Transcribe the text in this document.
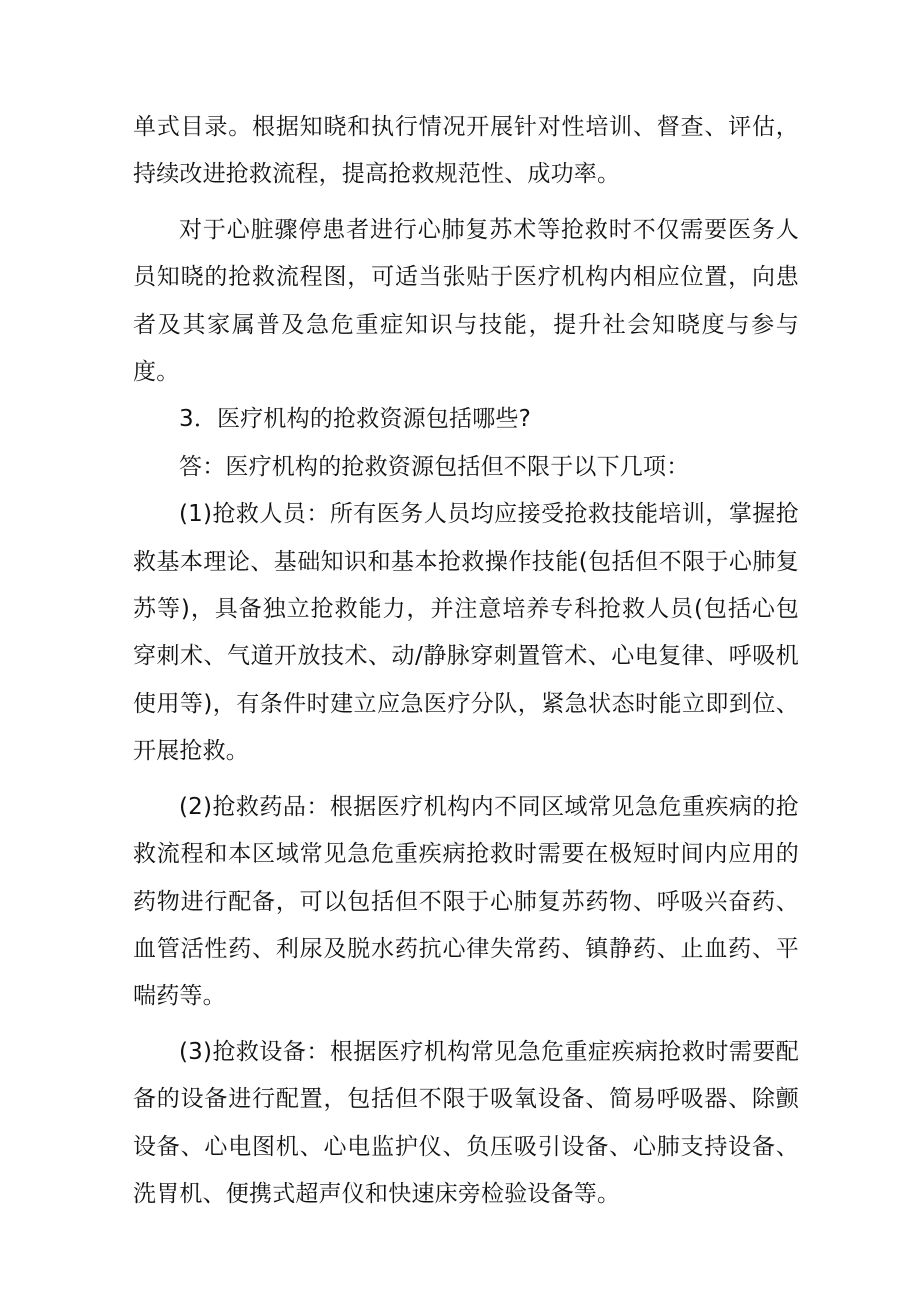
单式目录。根据知晓和执行情况开展针对性培训、督查、评估，持续改进抢救流程，提高抢救规范性、成功率。

对于心脏骤停患者进行心肺复苏术等抢救时不仅需要医务人员知晓的抢救流程图，可适当张贴于医疗机构内相应位置，向患者及其家属普及急危重症知识与技能，提升社会知晓度与参与度。

3．医疗机构的抢救资源包括哪些?

答：医疗机构的抢救资源包括但不限于以下几项：

(1)抢救人员：所有医务人员均应接受抢救技能培训，掌握抢救基本理论、基础知识和基本抢救操作技能(包括但不限于心肺复苏等)，具备独立抢救能力，并注意培养专科抢救人员(包括心包穿刺术、气道开放技术、动/静脉穿刺置管术、心电复律、呼吸机使用等)，有条件时建立应急医疗分队，紧急状态时能立即到位、开展抢救。

(2)抢救药品：根据医疗机构内不同区域常见急危重疾病的抢救流程和本区域常见急危重疾病抢救时需要在极短时间内应用的药物进行配备，可以包括但不限于心肺复苏药物、呼吸兴奋药、血管活性药、利尿及脱水药抗心律失常药、镇静药、止血药、平喘药等。

(3)抢救设备：根据医疗机构常见急危重症疾病抢救时需要配备的设备进行配置，包括但不限于吸氧设备、简易呼吸器、除颤设备、心电图机、心电监护仪、负压吸引设备、心肺支持设备、洗胃机、便携式超声仪和快速床旁检验设备等。
